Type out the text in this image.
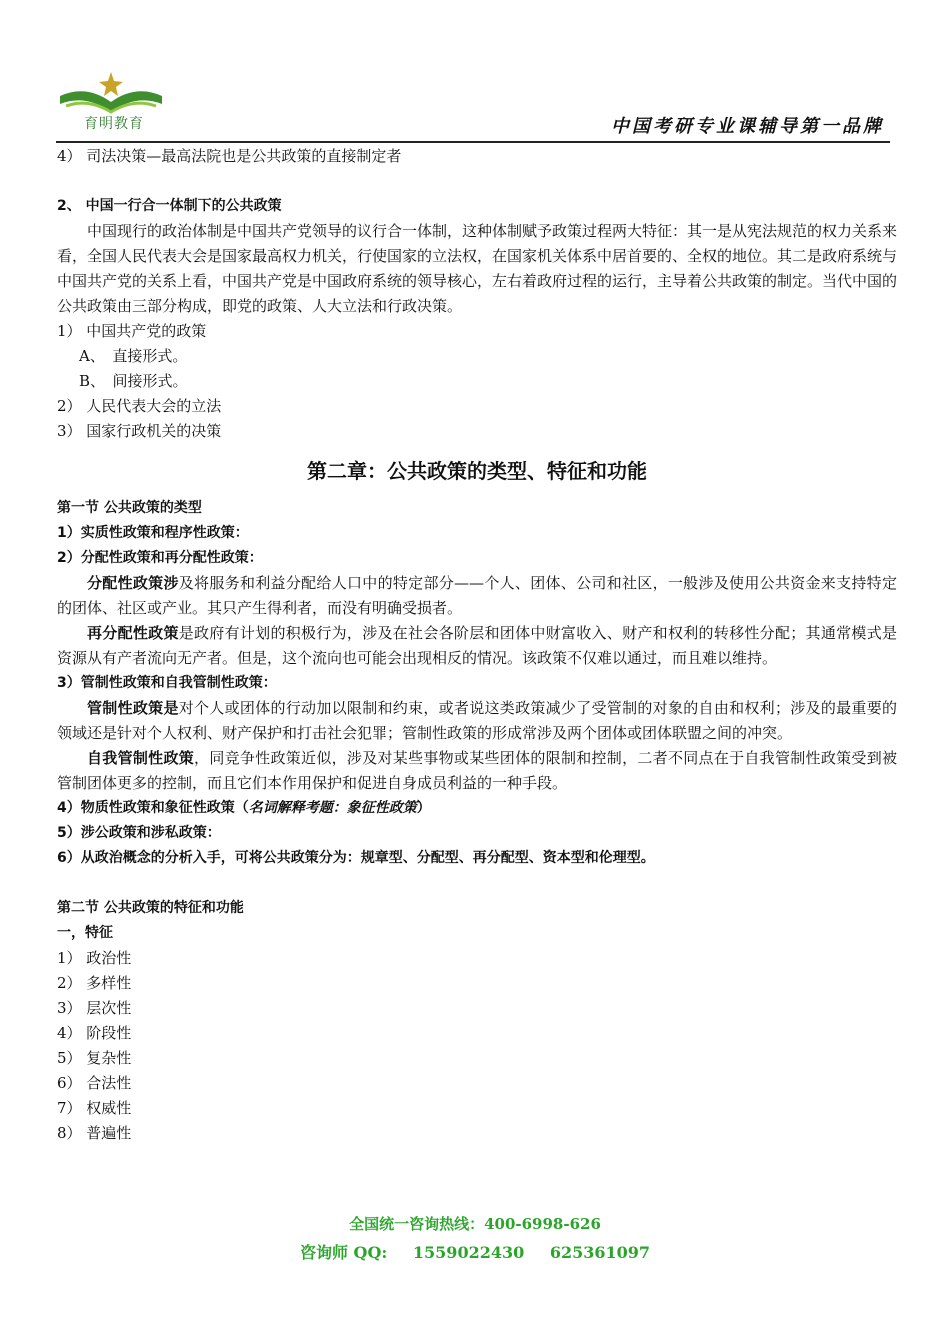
育明教育	中国考研专业课辅导第一品牌
4） 司法决策—最高法院也是公共政策的直接制定者
2、 中国一行合一体制下的公共政策
中国现行的政治体制是中国共产党领导的议行合一体制，这种体制赋予政策过程两大特征：其一是从宪法规范的权力关系来看，全国人民代表大会是国家最高权力机关，行使国家的立法权，在国家机关体系中居首要的、全权的地位。其二是政府系统与中国共产党的关系上看，中国共产党是中国政府系统的领导核心，左右着政府过程的运行，主导着公共政策的制定。当代中国的公共政策由三部分构成，即党的政策、人大立法和行政决策。
1） 中国共产党的政策
A、　直接形式。
B、　间接形式。
2） 人民代表大会的立法
3） 国家行政机关的决策
第二章：公共政策的类型、特征和功能
第一节 公共政策的类型
1）实质性政策和程序性政策：
2）分配性政策和再分配性政策：
分配性政策涉及将服务和利益分配给人口中的特定部分——个人、团体、公司和社区，一般涉及使用公共资金来支持特定的团体、社区或产业。其只产生得利者，而没有明确受损者。
再分配性政策是政府有计划的积极行为，涉及在社会各阶层和团体中财富收入、财产和权利的转移性分配；其通常模式是资源从有产者流向无产者。但是，这个流向也可能会出现相反的情况。该政策不仅难以通过，而且难以维持。
3）管制性政策和自我管制性政策：
管制性政策是对个人或团体的行动加以限制和约束，或者说这类政策减少了受管制的对象的自由和权利；涉及的最重要的领域还是针对个人权利、财产保护和打击社会犯罪；管制性政策的形成常涉及两个团体或团体联盟之间的冲突。
自我管制性政策，同竞争性政策近似，涉及对某些事物或某些团体的限制和控制，二者不同点在于自我管制性政策受到被管制团体更多的控制，而且它们本作用保护和促进自身成员利益的一种手段。
4）物质性政策和象征性政策（名词解释考题：象征性政策）
5）涉公政策和涉私政策：
6）从政治概念的分析入手，可将公共政策分为：规章型、分配型、再分配型、资本型和伦理型。
第二节 公共政策的特征和功能
一，特征
1） 政治性
2） 多样性
3） 层次性
4） 阶段性
5） 复杂性
6） 合法性
7） 权威性
8） 普遍性
全国统一咨询热线：400-6998-626
咨询师 QQ: 1559022430 625361097
